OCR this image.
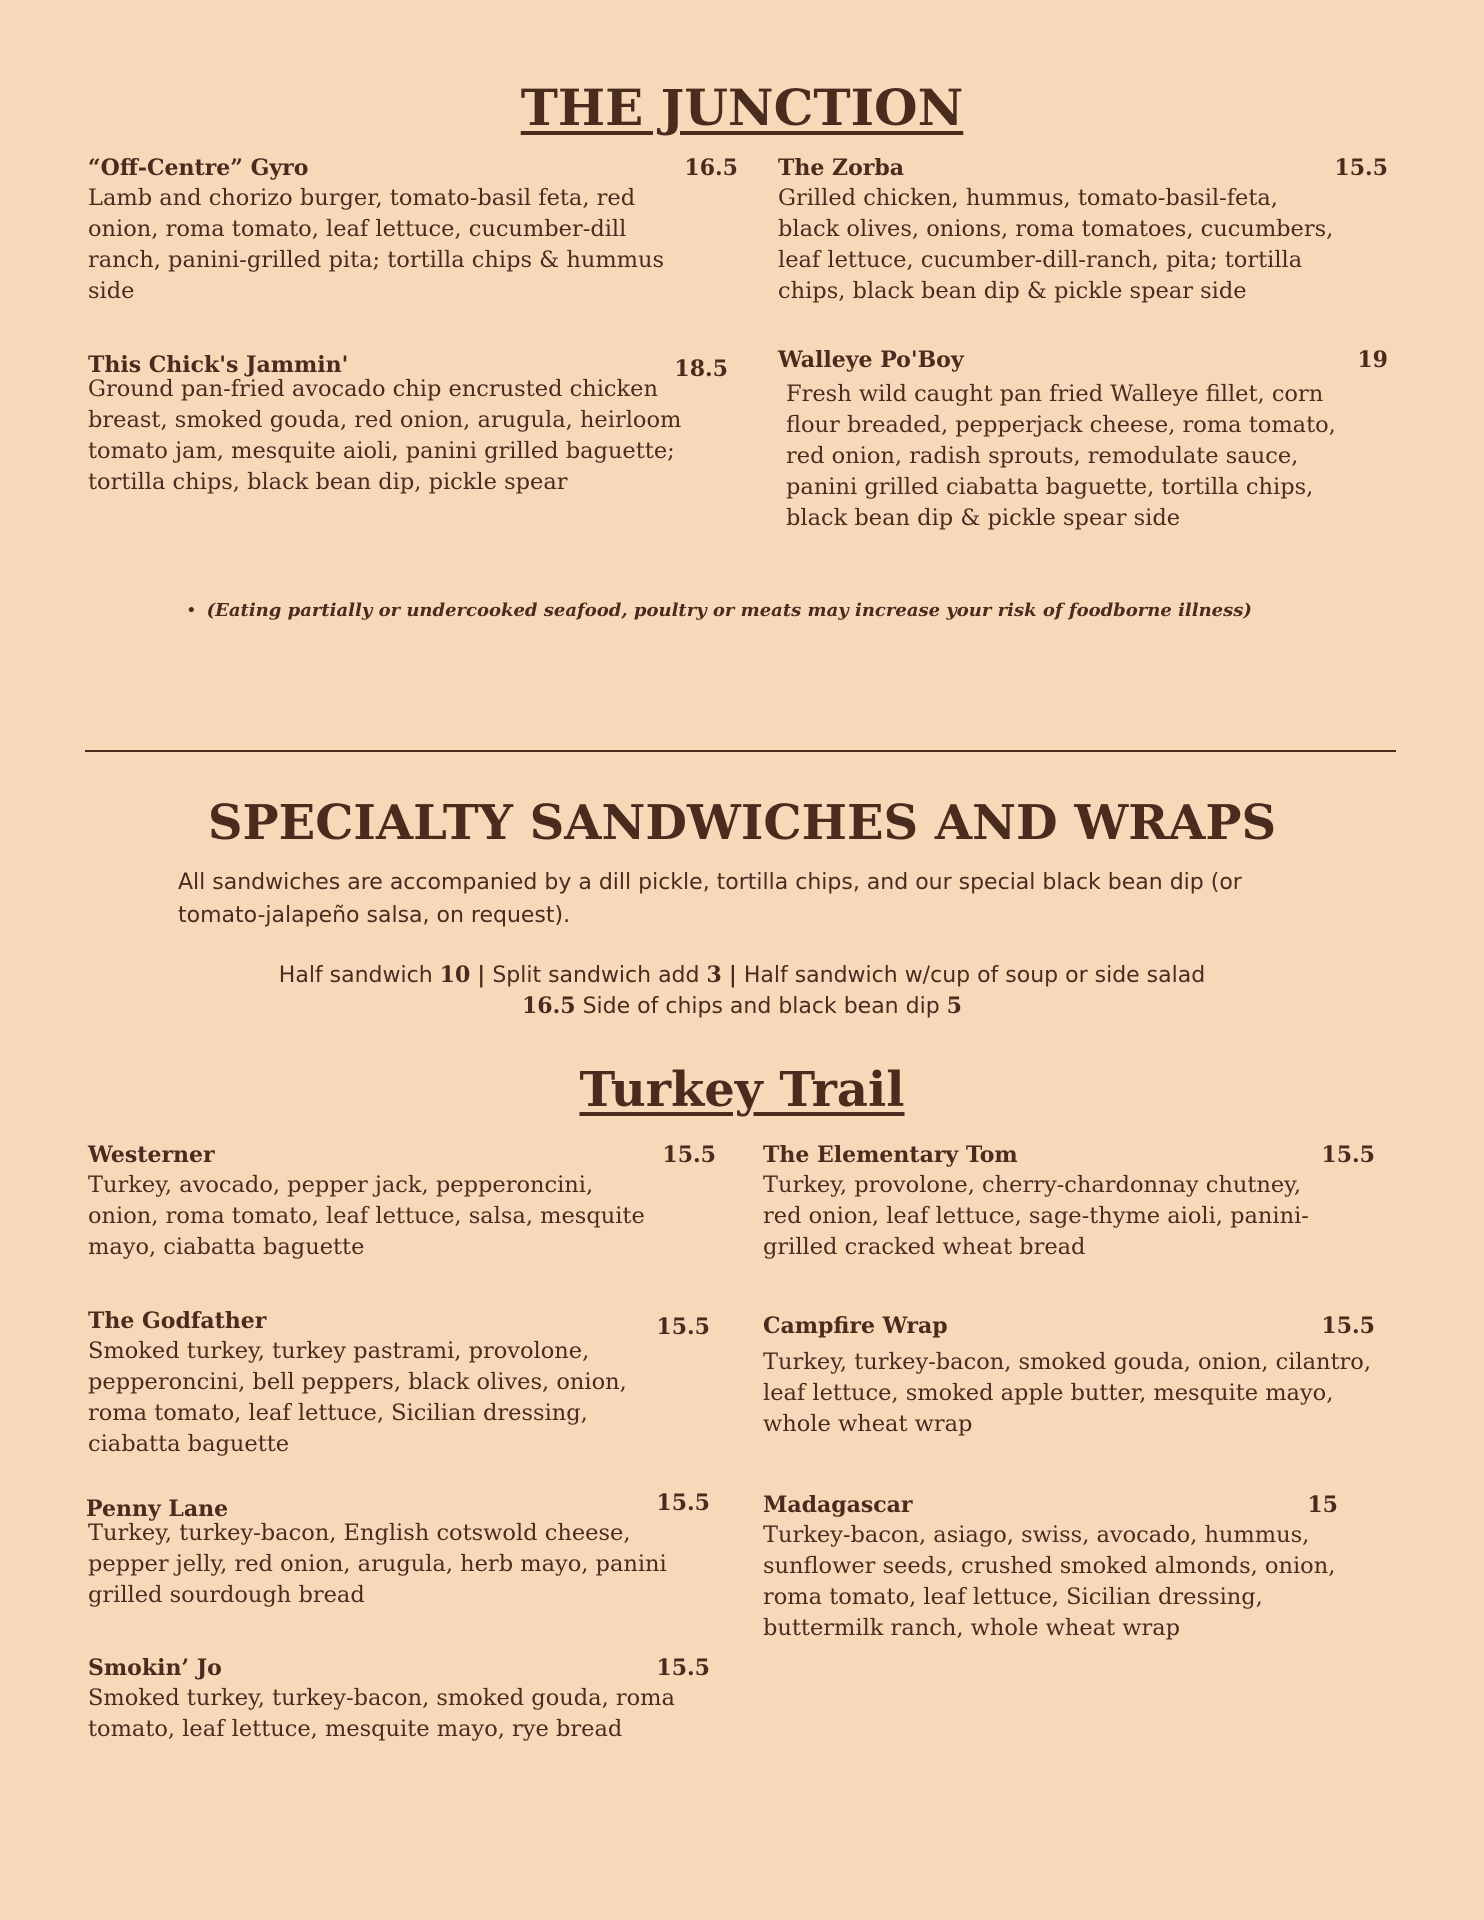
THE JUNCTION
“Off-Centre” Gyro	16.5
Lamb and chorizo burger, tomato-basil feta, red onion, roma tomato, leaf lettuce, cucumber-dill ranch, panini-grilled pita; tortilla chips & hummus side
The Zorba	15.5
Grilled chicken, hummus, tomato-basil-feta, black olives, onions, roma tomatoes, cucumbers, leaf lettuce, cucumber-dill-ranch, pita; tortilla chips, black bean dip & pickle spear side
This Chick's Jammin'	18.5
Ground pan-fried avocado chip encrusted chicken breast, smoked gouda, red onion, arugula, heirloom tomato jam, mesquite aioli, panini grilled baguette; tortilla chips, black bean dip, pickle spear
Walleye Po'Boy	19
Fresh wild caught pan fried Walleye fillet, corn flour breaded, pepperjack cheese, roma tomato, red onion, radish sprouts, remodulate sauce, panini grilled ciabatta baguette, tortilla chips, black bean dip & pickle spear side
• (Eating partially or undercooked seafood, poultry or meats may increase your risk of foodborne illness)
SPECIALTY SANDWICHES AND WRAPS
All sandwiches are accompanied by a dill pickle, tortilla chips, and our special black bean dip (or tomato-jalapeño salsa, on request).
Half sandwich 10 | Split sandwich add 3 | Half sandwich w/cup of soup or side salad
16.5 Side of chips and black bean dip 5
Turkey Trail
Westerner	15.5
Turkey, avocado, pepper jack, pepperoncini, onion, roma tomato, leaf lettuce, salsa, mesquite mayo, ciabatta baguette
The Elementary Tom	15.5
Turkey, provolone, cherry-chardonnay chutney, red onion, leaf lettuce, sage-thyme aioli, panini-grilled cracked wheat bread
The Godfather	15.5
Smoked turkey, turkey pastrami, provolone, pepperoncini, bell peppers, black olives, onion, roma tomato, leaf lettuce, Sicilian dressing, ciabatta baguette
Campfire Wrap	15.5
Turkey, turkey-bacon, smoked gouda, onion, cilantro, leaf lettuce, smoked apple butter, mesquite mayo, whole wheat wrap
Penny Lane	15.5
Turkey, turkey-bacon, English cotswold cheese, pepper jelly, red onion, arugula, herb mayo, panini grilled sourdough bread
Madagascar	15
Turkey-bacon, asiago, swiss, avocado, hummus, sunflower seeds, crushed smoked almonds, onion, roma tomato, leaf lettuce, Sicilian dressing, buttermilk ranch, whole wheat wrap
Smokin’ Jo	15.5
Smoked turkey, turkey-bacon, smoked gouda, roma tomato, leaf lettuce, mesquite mayo, rye bread
